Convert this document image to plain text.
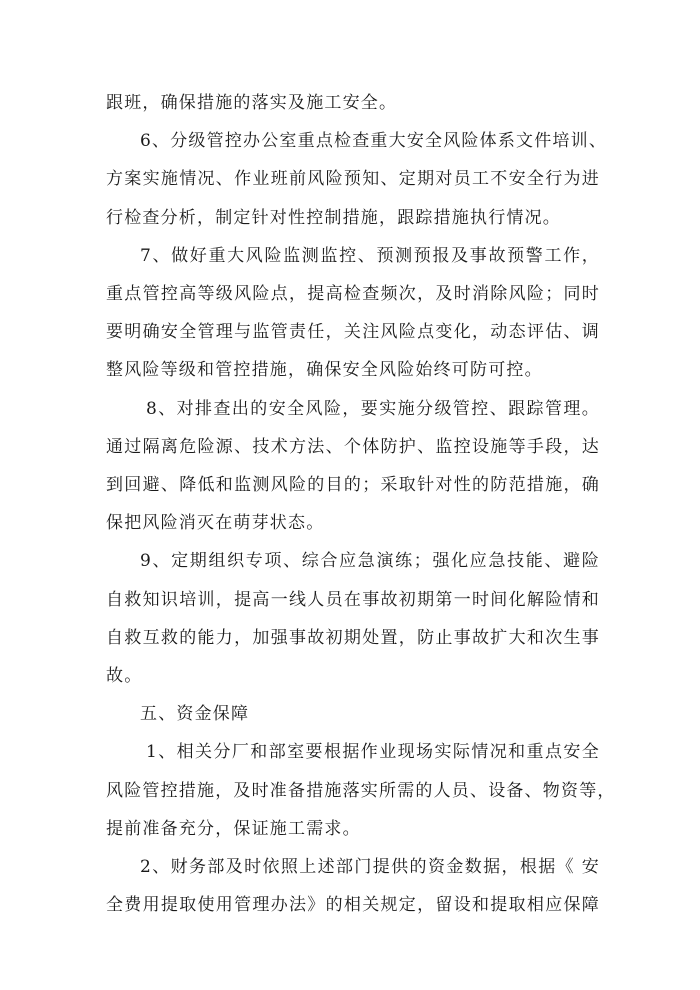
跟班，确保措施的落实及施工安全。

6、分级管控办公室重点检查重大安全风险体系文件培训、
方案实施情况、作业班前风险预知、定期对员工不安全行为进
行检查分析，制定针对性控制措施，跟踪措施执行情况。

7、做好重大风险监测监控、预测预报及事故预警工作，
重点管控高等级风险点，提高检查频次，及时消除风险；同时
要明确安全管理与监管责任，关注风险点变化，动态评估、调
整风险等级和管控措施，确保安全风险始终可防可控。

8、对排查出的安全风险，要实施分级管控、跟踪管理。
通过隔离危险源、技术方法、个体防护、监控设施等手段，达
到回避、降低和监测风险的目的；采取针对性的防范措施，确
保把风险消灭在萌芽状态。

9、定期组织专项、综合应急演练；强化应急技能、避险
自救知识培训，提高一线人员在事故初期第一时间化解险情和
自救互救的能力，加强事故初期处置，防止事故扩大和次生事
故。

五、资金保障

1、相关分厂和部室要根据作业现场实际情况和重点安全
风险管控措施，及时准备措施落实所需的人员、设备、物资等，
提前准备充分，保证施工需求。

2、财务部及时依照上述部门提供的资金数据，根据《 安
全费用提取使用管理办法》的相关规定，留设和提取相应保障
